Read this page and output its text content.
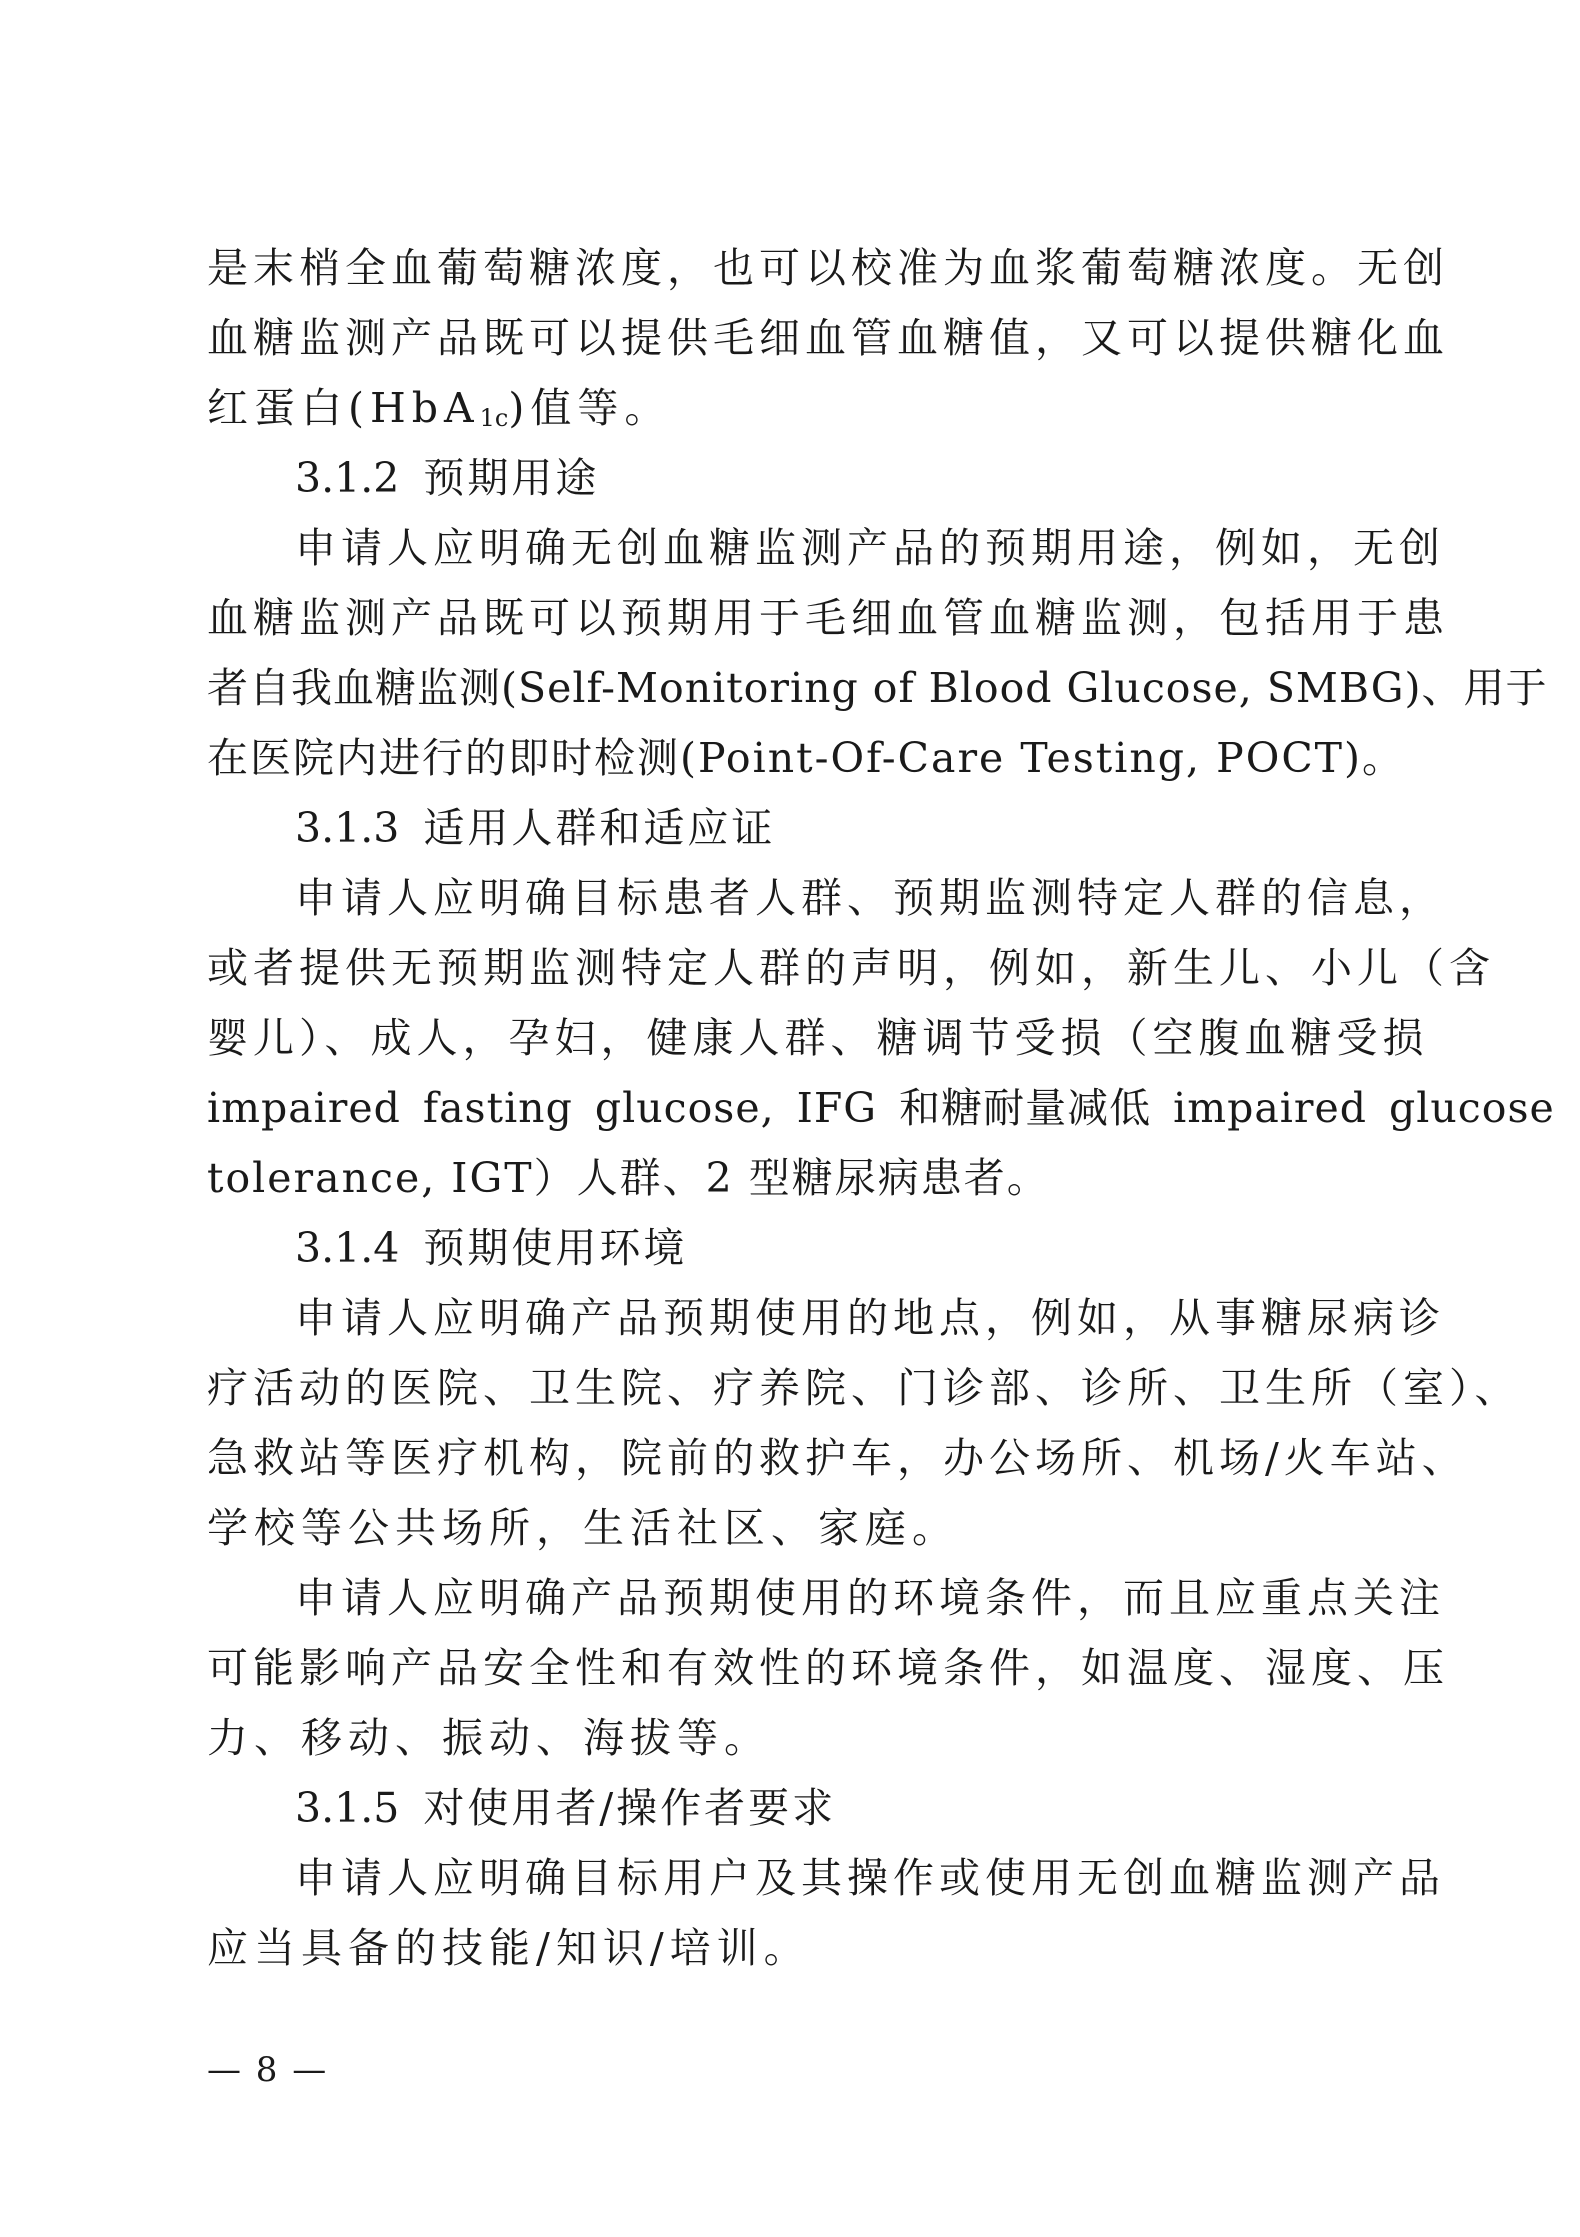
是末梢全血葡萄糖浓度，也可以校准为血浆葡萄糖浓度。无创
血糖监测产品既可以提供毛细血管血糖值，又可以提供糖化血
红蛋白(HbA$_{1c}$)值等。
3.1.2 预期用途
申请人应明确无创血糖监测产品的预期用途，例如，无创
血糖监测产品既可以预期用于毛细血管血糖监测，包括用于患
者自我血糖监测(Self-Monitoring of Blood Glucose, SMBG)、用于
在医院内进行的即时检测(Point-Of-Care Testing, POCT)。
3.1.3 适用人群和适应证
申请人应明确目标患者人群、预期监测特定人群的信息，
或者提供无预期监测特定人群的声明，例如，新生儿、小儿（含
婴儿）、成人，孕妇，健康人群、糖调节受损（空腹血糖受损
impaired fasting glucose, IFG 和糖耐量减低 impaired glucose
tolerance, IGT）人群、2 型糖尿病患者。
3.1.4 预期使用环境
申请人应明确产品预期使用的地点，例如，从事糖尿病诊
疗活动的医院、卫生院、疗养院、门诊部、诊所、卫生所（室）、
急救站等医疗机构，院前的救护车，办公场所、机场/火车站、
学校等公共场所，生活社区、家庭。
申请人应明确产品预期使用的环境条件，而且应重点关注
可能影响产品安全性和有效性的环境条件，如温度、湿度、压
力、移动、振动、海拔等。
3.1.5 对使用者/操作者要求
申请人应明确目标用户及其操作或使用无创血糖监测产品
应当具备的技能/知识/培训。
— 8 —
